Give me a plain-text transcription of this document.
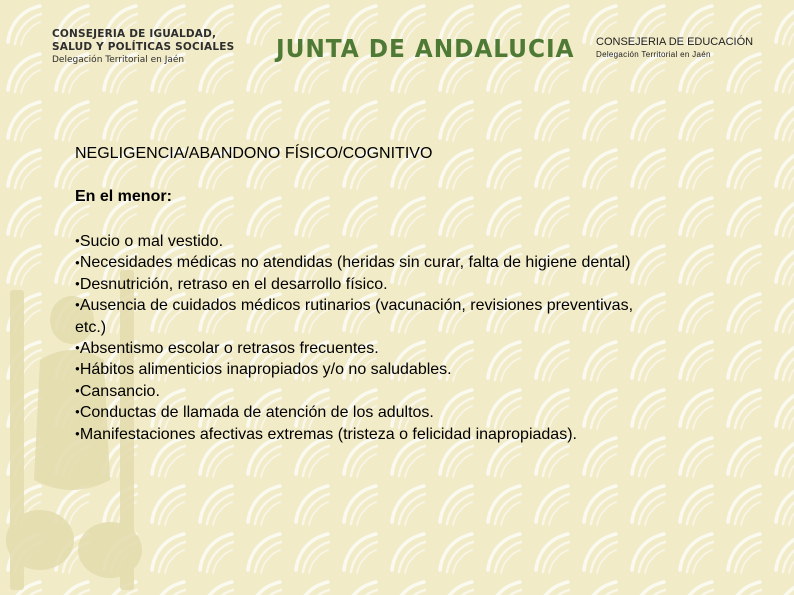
CONSEJERIA DE IGUALDAD,
SALUD Y POLÍTICAS SOCIALES
Delegación Territorial en Jaén	JUNTA DE ANDALUCIA CONSEJERIA DE EDUCACIÓN
Delegación Territorial en Jaén
NEGLIGENCIA/ABANDONO FÍSICO/COGNITIVO
En el menor:
●Sucio o mal vestido.
●Necesidades médicas no atendidas (heridas sin curar, falta de higiene dental)
●Desnutrición, retraso en el desarrollo físico.
●Ausencia de cuidados médicos rutinarios (vacunación, revisiones preventivas, etc.)
●Absentismo escolar o retrasos frecuentes.
●Hábitos alimenticios inapropiados y/o no saludables.
●Cansancio.
●Conductas de llamada de atención de los adultos.
●Manifestaciones afectivas extremas (tristeza o felicidad inapropiadas).
